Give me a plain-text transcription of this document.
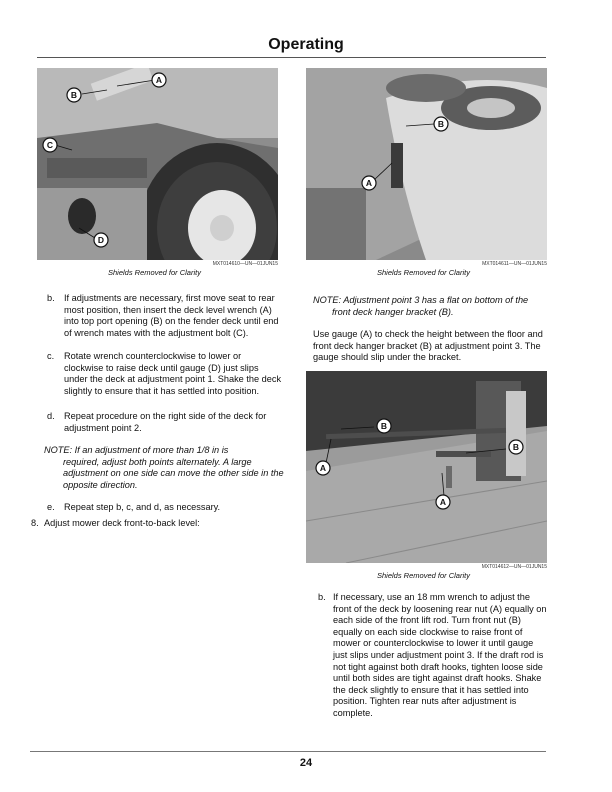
Operating
A
B
C
D
MXT014610—UN—01JUN15
Shields Removed for Clarity
B
A
MXT014611—UN—01JUN15
Shields Removed for Clarity
B
B
A
A
MXT014612—UN—01JUN15
Shields Removed for Clarity
b. If adjustments are necessary, first move seat to rear most position, then insert the deck level wrench (A) into top port opening (B) on the fender deck until end of wrench mates with the adjustment bolt (C).
c. Rotate wrench counterclockwise to lower or clockwise to raise deck until gauge (D) just slips under the deck at adjustment point 1. Shake the deck slightly to ensure that it has settled into position.
d. Repeat procedure on the right side of the deck for adjustment point 2.
NOTE: If an adjustment of more than 1/8 in is
required, adjust both points alternately. A large adjustment on one side can move the other side in the opposite direction.
e. Repeat step b, c, and d, as necessary.
8. Adjust mower deck front-to-back level:
NOTE: Adjustment point 3 has a flat on bottom of the
front deck hanger bracket (B).
Use gauge (A) to check the height between the floor and front deck hanger bracket (B) at adjustment point 3. The gauge should slip under the bracket.
b. If necessary, use an 18 mm wrench to adjust the front of the deck by loosening rear nut (A) equally on each side of the front lift rod. Turn front nut (B) equally on each side clockwise to raise front of mower or counterclockwise to lower it until gauge just slips under adjustment point 3. If the draft rod is not tight against both draft hooks, tighten loose side until both sides are tight against draft hooks. Shake the deck slightly to ensure that it has settled into position. Tighten rear nuts after adjustment is complete.
24
